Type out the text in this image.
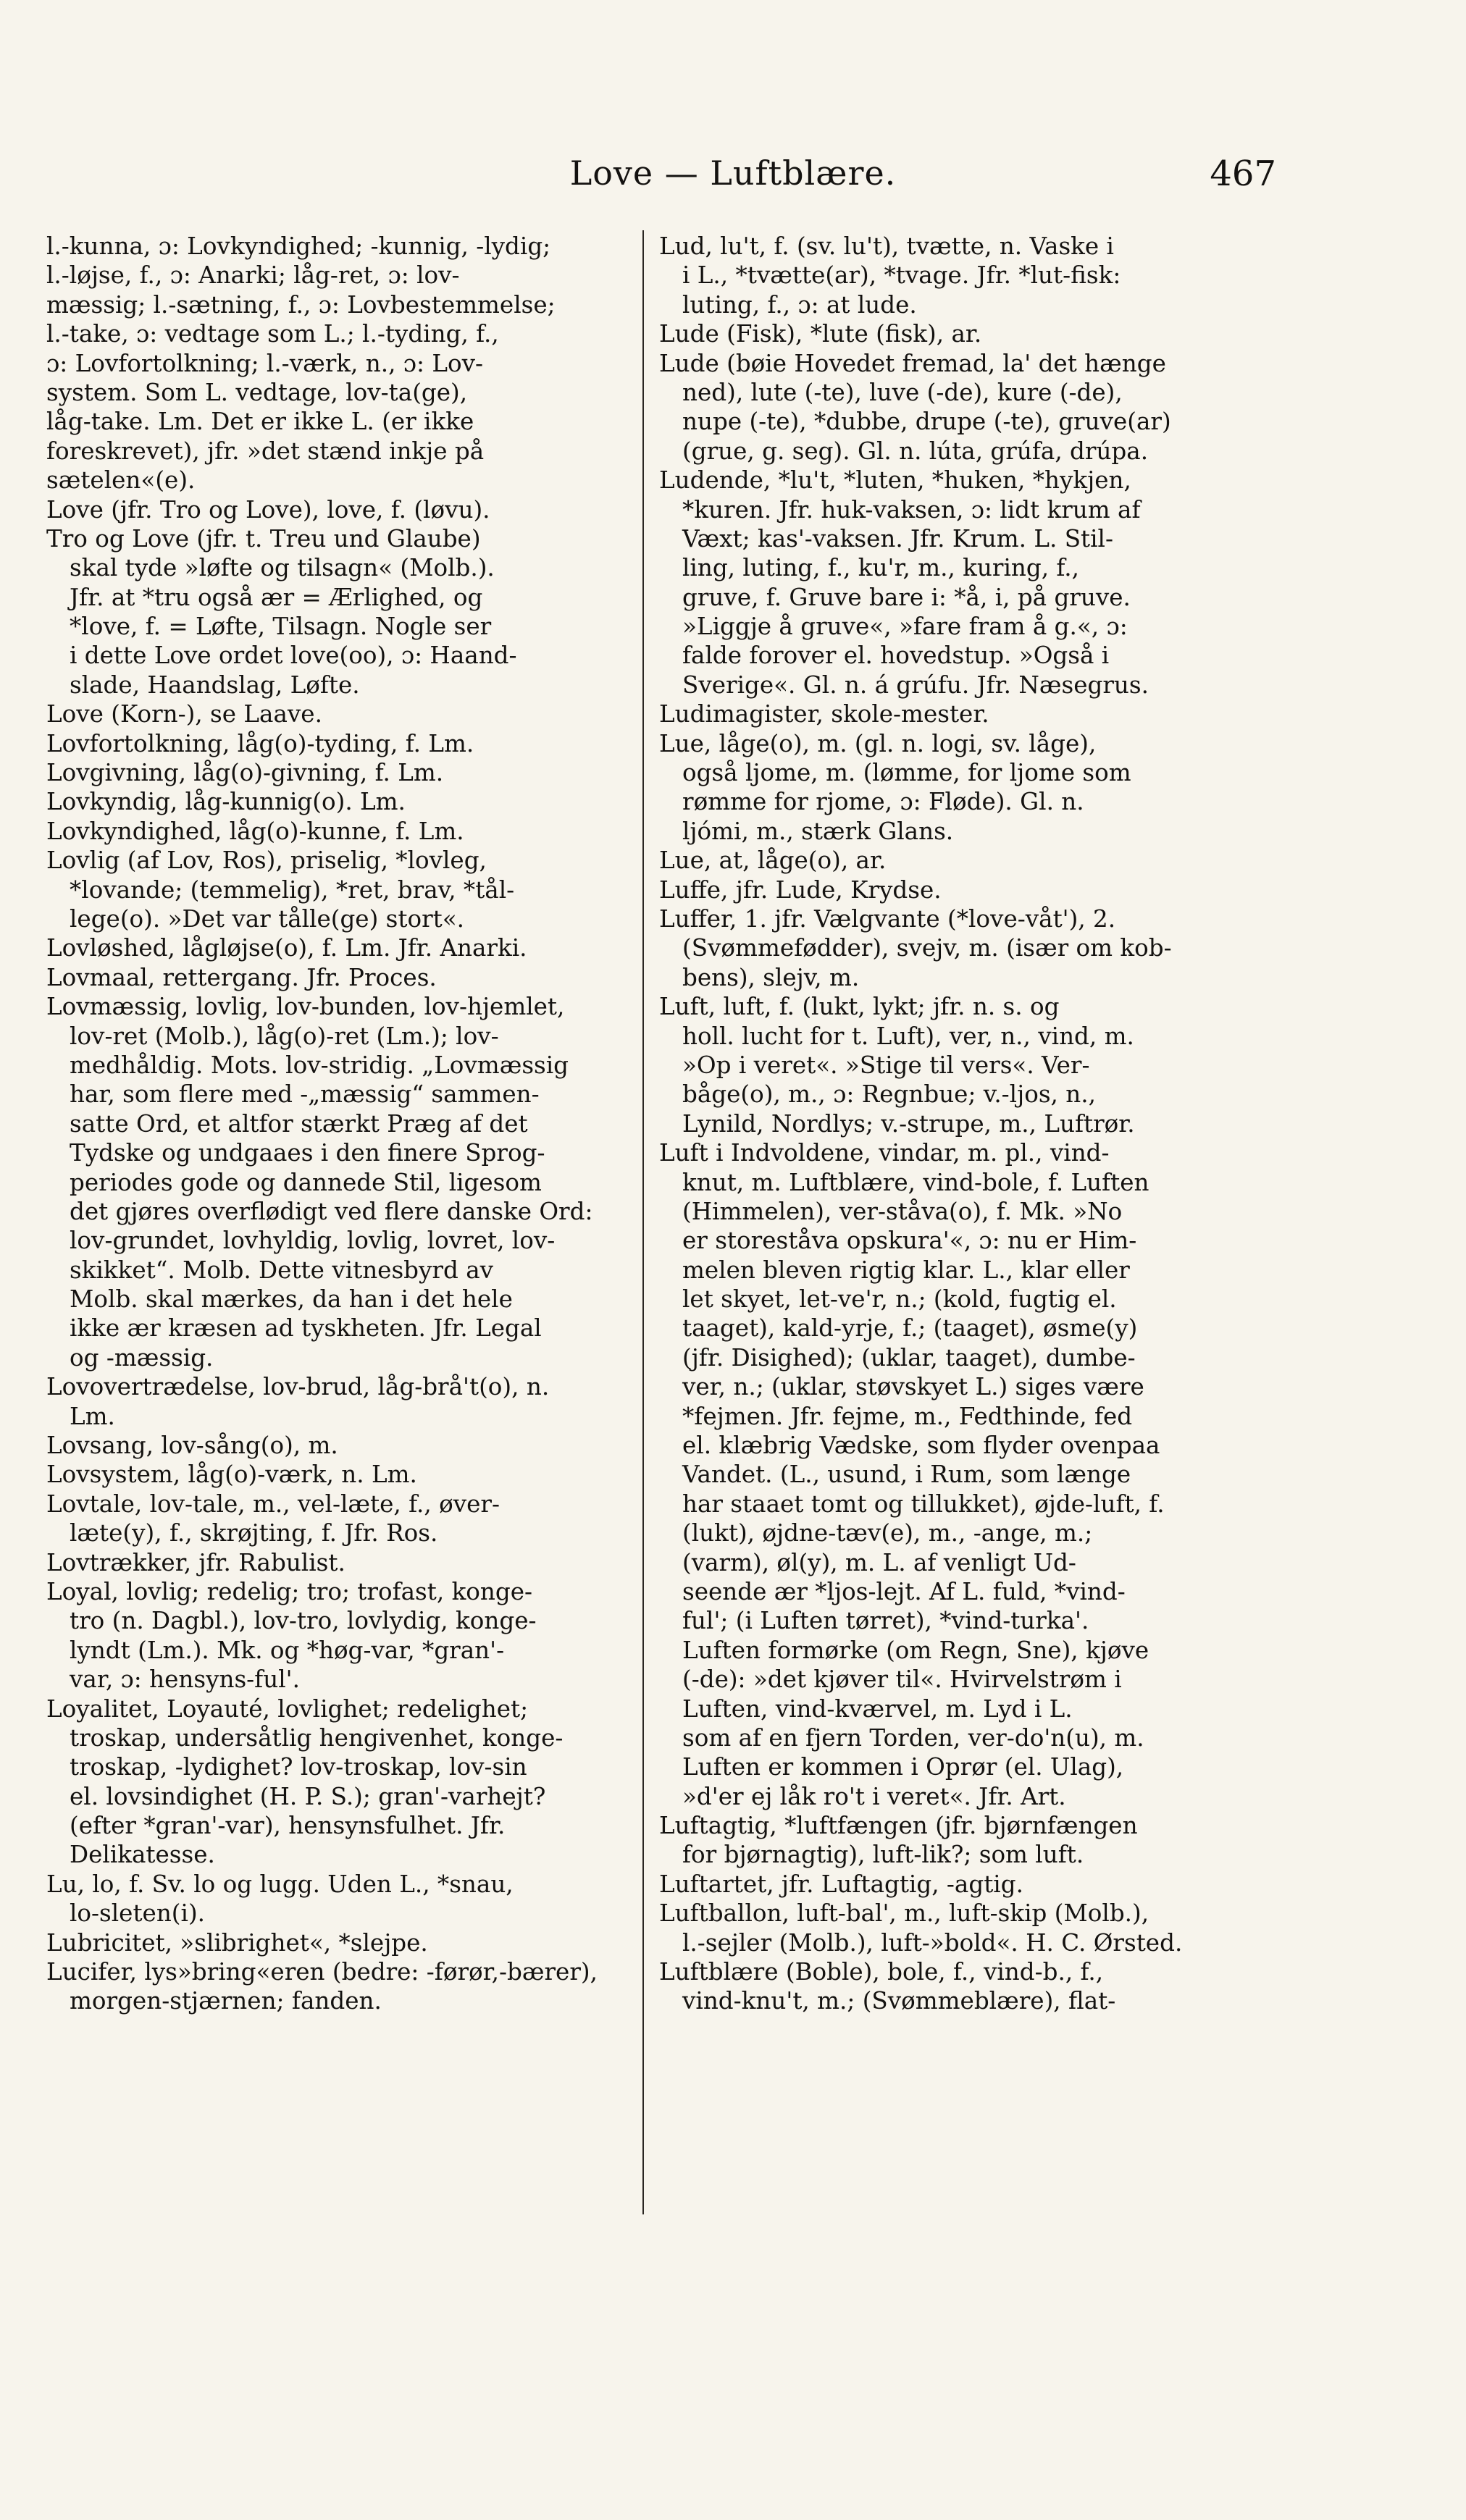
Love — Luftblære.	467
l.-kunna, ɔ: Lovkyndighed; -kunnig, -lydig;
l.-løjse, f., ɔ: Anarki; låg-ret, ɔ: lov-
mæssig; l.-sætning, f., ɔ: Lovbestemmelse;
l.-take, ɔ: vedtage som L.; l.-tyding, f.,
ɔ: Lovfortolkning; l.-værk, n., ɔ: Lov-
system. Som L. vedtage, lov-ta(ge),
låg-take. Lm. Det er ikke L. (er ikke
foreskrevet), jfr. »det stænd inkje på
sætelen«(e).
Love (jfr. Tro og Love), love, f. (løvu).
Tro og Love (jfr. t. Treu und Glaube)
skal tyde »løfte og tilsagn« (Molb.).
Jfr. at *tru også ær = Ærlighed, og
*love, f. = Løfte, Tilsagn. Nogle ser
i dette Love ordet love(oo), ɔ: Haand-
slade, Haandslag, Løfte.
Love (Korn-), se Laave.
Lovfortolkning, låg(o)-tyding, f. Lm.
Lovgivning, låg(o)-givning, f. Lm.
Lovkyndig, låg-kunnig(o). Lm.
Lovkyndighed, låg(o)-kunne, f. Lm.
Lovlig (af Lov, Ros), priselig, *lovleg,
*lovande; (temmelig), *ret, brav, *tål-
lege(o). »Det var tålle(ge) stort«.
Lovløshed, lågløjse(o), f. Lm. Jfr. Anarki.
Lovmaal, rettergang. Jfr. Proces.
Lovmæssig, lovlig, lov-bunden, lov-hjemlet,
lov-ret (Molb.), låg(o)-ret (Lm.); lov-
medhåldig. Mots. lov-stridig. „Lovmæssig
har, som flere med -„mæssig“ sammen-
satte Ord, et altfor stærkt Præg af det
Tydske og undgaaes i den finere Sprog-
periodes gode og dannede Stil, ligesom
det gjøres overflødigt ved flere danske Ord:
lov-grundet, lovhyldig, lovlig, lovret, lov-
skikket“. Molb. Dette vitnesbyrd av
Molb. skal mærkes, da han i det hele
ikke ær kræsen ad tyskheten. Jfr. Legal
og -mæssig.
Lovovertrædelse, lov-brud, låg-brå't(o), n.
Lm.
Lovsang, lov-sång(o), m.
Lovsystem, låg(o)-værk, n. Lm.
Lovtale, lov-tale, m., vel-læte, f., øver-
læte(y), f., skrøjting, f. Jfr. Ros.
Lovtrækker, jfr. Rabulist.
Loyal, lovlig; redelig; tro; trofast, konge-
tro (n. Dagbl.), lov-tro, lovlydig, konge-
lyndt (Lm.). Mk. og *høg-var, *gran'-
var, ɔ: hensyns-ful'.
Loyalitet, Loyauté, lovlighet; redelighet;
troskap, undersåtlig hengivenhet, konge-
troskap, -lydighet? lov-troskap, lov-sin
el. lovsindighet (H. P. S.); gran'-varhejt?
(efter *gran'-var), hensynsfulhet. Jfr.
Delikatesse.
Lu, lo, f. Sv. lo og lugg. Uden L., *snau,
lo-sleten(i).
Lubricitet, »slibrighet«, *slejpe.
Lucifer, lys»bring«eren (bedre: -førør,-bærer),
morgen-stjærnen; fanden.
Lud, lu't, f. (sv. lu't), tvætte, n. Vaske i
i L., *tvætte(ar), *tvage. Jfr. *lut-fisk:
luting, f., ɔ: at lude.
Lude (Fisk), *lute (fisk), ar.
Lude (bøie Hovedet fremad, la' det hænge
ned), lute (-te), luve (-de), kure (-de),
nupe (-te), *dubbe, drupe (-te), gruve(ar)
(grue, g. seg). Gl. n. lúta, grúfa, drúpa.
Ludende, *lu't, *luten, *huken, *hykjen,
*kuren. Jfr. huk-vaksen, ɔ: lidt krum af
Væxt; kas'-vaksen. Jfr. Krum. L. Stil-
ling, luting, f., ku'r, m., kuring, f.,
gruve, f. Gruve bare i: *å, i, på gruve.
»Liggje å gruve«, »fare fram å g.«, ɔ:
falde forover el. hovedstup. »Også i
Sverige«. Gl. n. á grúfu. Jfr. Næsegrus.
Ludimagister, skole-mester.
Lue, låge(o), m. (gl. n. logi, sv. låge),
også ljome, m. (lømme, for ljome som
rømme for rjome, ɔ: Fløde). Gl. n.
ljómi, m., stærk Glans.
Lue, at, låge(o), ar.
Luffe, jfr. Lude, Krydse.
Luffer, 1. jfr. Vælgvante (*love-våt'), 2.
(Svømmefødder), svejv, m. (især om kob-
bens), slejv, m.
Luft, luft, f. (lukt, lykt; jfr. n. s. og
holl. lucht for t. Luft), ver, n., vind, m.
»Op i veret«. »Stige til vers«. Ver-
båge(o), m., ɔ: Regnbue; v.-ljos, n.,
Lynild, Nordlys; v.-strupe, m., Luftrør.
Luft i Indvoldene, vindar, m. pl., vind-
knut, m. Luftblære, vind-bole, f. Luften
(Himmelen), ver-ståva(o), f. Mk. »No
er storeståva opskura'«, ɔ: nu er Him-
melen bleven rigtig klar. L., klar eller
let skyet, let-ve'r, n.; (kold, fugtig el.
taaget), kald-yrje, f.; (taaget), øsme(y)
(jfr. Disighed); (uklar, taaget), dumbe-
ver, n.; (uklar, støvskyet L.) siges være
*fejmen. Jfr. fejme, m., Fedthinde, fed
el. klæbrig Vædske, som flyder ovenpaa
Vandet. (L., usund, i Rum, som længe
har staaet tomt og tillukket), øjde-luft, f.
(lukt), øjdne-tæv(e), m., -ange, m.;
(varm), øl(y), m. L. af venligt Ud-
seende ær *ljos-lejt. Af L. fuld, *vind-
ful'; (i Luften tørret), *vind-turka'.
Luften formørke (om Regn, Sne), kjøve
(-de): »det kjøver til«. Hvirvelstrøm i
Luften, vind-kværvel, m. Lyd i L.
som af en fjern Torden, ver-do'n(u), m.
Luften er kommen i Oprør (el. Ulag),
»d'er ej låk ro't i veret«. Jfr. Art.
Luftagtig, *luftfængen (jfr. bjørnfængen
for bjørnagtig), luft-lik?; som luft.
Luftartet, jfr. Luftagtig, -agtig.
Luftballon, luft-bal', m., luft-skip (Molb.),
l.-sejler (Molb.), luft-»bold«. H. C. Ørsted.
Luftblære (Boble), bole, f., vind-b., f.,
vind-knu't, m.; (Svømmeblære), flat-
